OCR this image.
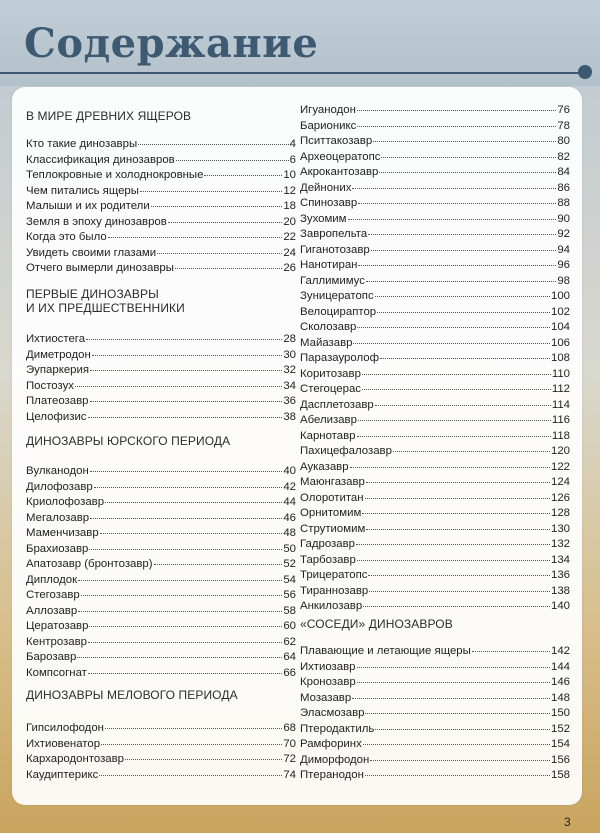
Содержание
В МИРЕ ДРЕВНИХ ЯЩЕРОВ
Кто такие динозавры	4
Классификация динозавров	6
Теплокровные и холоднокровные	10
Чем питались ящеры	12
Малыши и их родители	18
Земля в эпоху динозавров	20
Когда это было	22
Увидеть своими глазами	24
Отчего вымерли динозавры	26
ПЕРВЫЕ ДИНОЗАВРЫ
И ИХ ПРЕДШЕСТВЕННИКИ
Ихтиостега	28
Диметродон	30
Эупаркерия	32
Постозух	34
Платеозавр	36
Целофизис	38
ДИНОЗАВРЫ ЮРСКОГО ПЕРИОДА
Вулканодон	40
Дилофозавр	42
Криолофозавр	44
Мегалозавр	46
Маменчизавр	48
Брахиозавр	50
Апатозавр (бронтозавр)	52
Диплодок	54
Стегозавр	56
Аллозавр	58
Цератозавр	60
Кентрозавр	62
Барозавр	64
Компсогнат	66
ДИНОЗАВРЫ МЕЛОВОГО ПЕРИОДА
Гипсилофодон	68
Ихтиовенатор	70
Кархародонтозавр	72
Каудиптерикс	74
Игуанодон	76
Барионикс	78
Пситтакозавр	80
Археоцератопс	82
Акрокантозавр	84
Дейноних	86
Спинозавр	88
Зухомим	90
Завропельта	92
Гиганотозавр	94
Нанотиран	96
Галлимимус	98
Зуницератопс	100
Велоцираптор	102
Сколозавр	104
Майазавр	106
Паразауролоф	108
Коритозавр	110
Стегоцерас	112
Дасплетозавр	114
Абелизавр	116
Карнотавр	118
Пахицефалозавр	120
Ауказавр	122
Маюнгазавр	124
Олоротитан	126
Орнитомим	128
Струтиомим	130
Гадрозавр	132
Тарбозавр	134
Трицератопс	136
Тираннозавр	138
Анкилозавр	140
«СОСЕДИ» ДИНОЗАВРОВ
Плавающие и летающие ящеры	142
Ихтиозавр	144
Кронозавр	146
Мозазавр	148
Эласмозавр	150
Птеродактиль	152
Рамфоринх	154
Диморфодон	156
Птеранодон	158
3
